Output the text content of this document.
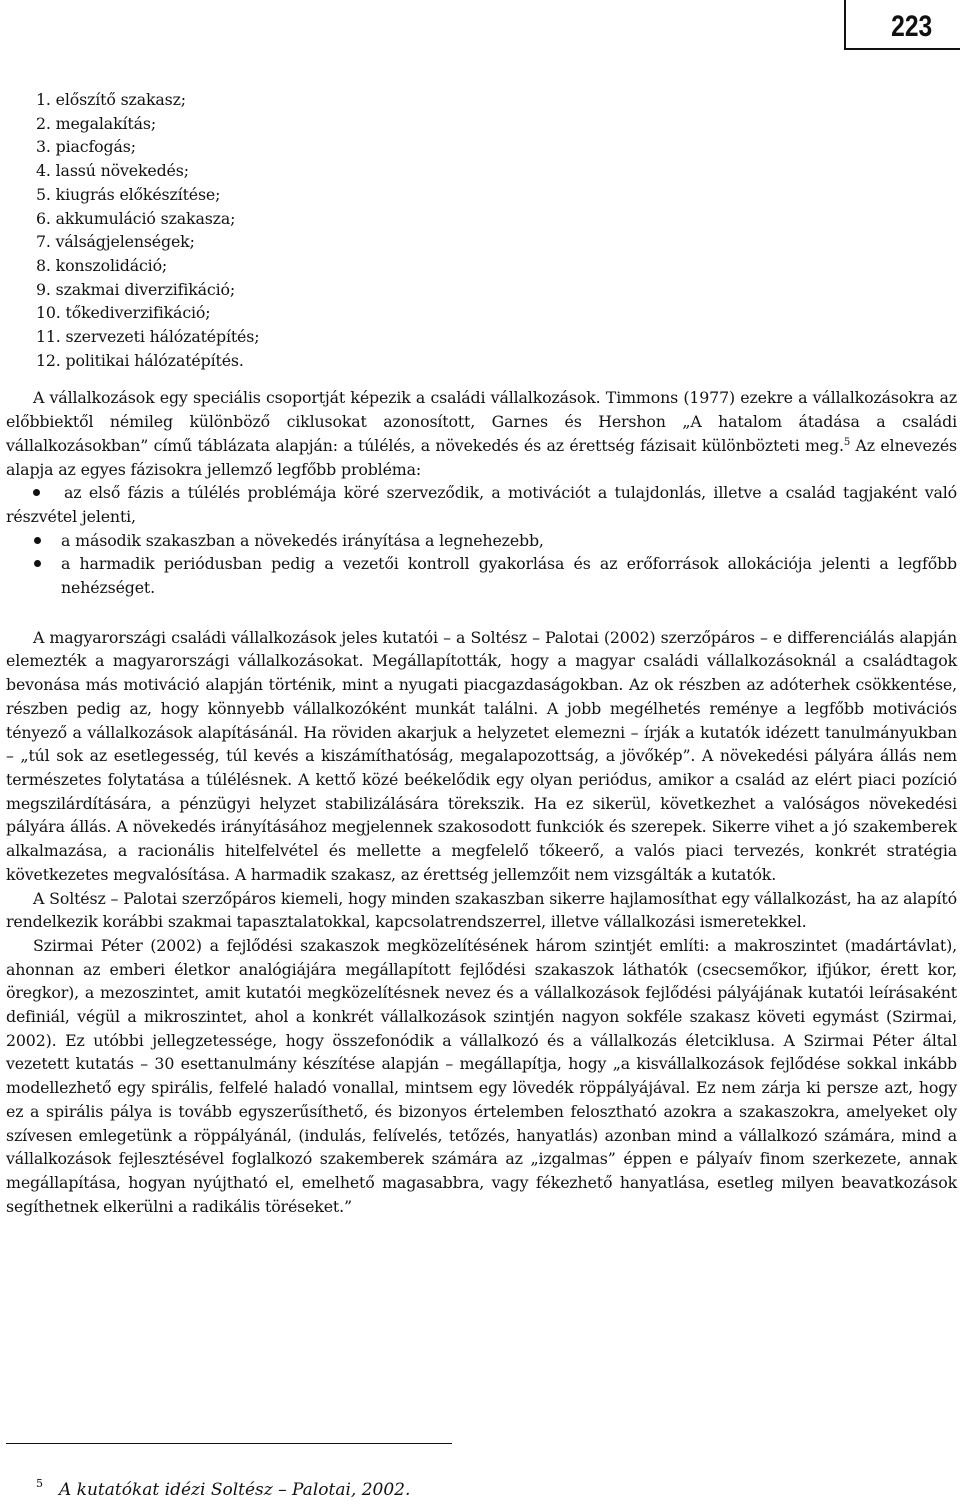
223
1. előszítő szakasz;
2. megalakítás;
3. piacfogás;
4. lassú növekedés;
5. kiugrás előkészítése;
6. akkumuláció szakasza;
7. válságjelenségek;
8. konszolidáció;
9. szakmai diverzifikáció;
10. tőkediverzifikáció;
11. szervezeti hálózatépítés;
12. politikai hálózatépítés.

A vállalkozások egy speciális csoportját képezik a családi vállalkozások. Timmons (1977) ezekre a vállalkozásokra az előbbiektől némileg különböző ciklusokat azonosított, Garnes és Hershon „A hatalom átadása a családi vállalkozásokban” című táblázata alapján: a túlélés, a növekedés és az érettség fázisait különbözteti meg.$^5$ Az elnevezés alapja az egyes fázisokra jellemző legfőbb probléma:

az első fázis a túlélés problémája köré szerveződik, a motivációt a tulajdonlás, illetve a család tagjaként való részvétel jelenti,
a második szakaszban a növekedés irányítása a legnehezebb,
a harmadik periódusban pedig a vezetői kontroll gyakorlása és az erőforrások allokációja jelenti a legfőbb nehézséget.

A magyarországi családi vállalkozások jeles kutatói – a Soltész – Palotai (2002) szerzőpáros – e differenciálás alapján elemezték a magyarországi vállalkozásokat. Megállapították, hogy a magyar családi vállalkozásoknál a családtagok bevonása más motiváció alapján történik, mint a nyugati piacgazdaságokban. Az ok részben az adóterhek csökkentése, részben pedig az, hogy könnyebb vállalkozóként munkát találni. A jobb megélhetés reménye a legfőbb motivációs tényező a vállalkozások alapításánál. Ha röviden akarjuk a helyzetet elemezni – írják a kutatók idézett tanulmányukban – „túl sok az esetlegesség, túl kevés a kiszámíthatóság, megalapozottság, a jövőkép”. A növekedési pályára állás nem természetes folytatása a túlélésnek. A kettő közé beékelődik egy olyan periódus, amikor a család az elért piaci pozíció megszilárdítására, a pénzügyi helyzet stabilizálására törekszik. Ha ez sikerül, következhet a valóságos növekedési pályára állás. A növekedés irányításához megjelennek szakosodott funkciók és szerepek. Sikerre vihet a jó szakemberek alkalmazása, a racionális hitelfelvétel és mellette a megfelelő tőkeerő, a valós piaci tervezés, konkrét stratégia következetes megvalósítása. A harmadik szakasz, az érettség jellemzőit nem vizsgálták a kutatók.

A Soltész – Palotai szerzőpáros kiemeli, hogy minden szakaszban sikerre hajlamosíthat egy vállalkozást, ha az alapító rendelkezik korábbi szakmai tapasztalatokkal, kapcsolatrendszerrel, illetve vállalkozási ismeretekkel.

Szirmai Péter (2002) a fejlődési szakaszok megközelítésének három szintjét említi: a makroszintet (madártávlat), ahonnan az emberi életkor analógiájára megállapított fejlődési szakaszok láthatók (csecsemőkor, ifjúkor, érett kor, öregkor), a mezoszintet, amit kutatói megközelítésnek nevez és a vállalkozások fejlődési pályájának kutatói leírásaként definiál, végül a mikroszintet, ahol a konkrét vállalkozások szintjén nagyon sokféle szakasz követi egymást (Szirmai, 2002). Ez utóbbi jellegzetessége, hogy összefonódik a vállalkozó és a vállalkozás életciklusa. A Szirmai Péter által vezetett kutatás – 30 esettanulmány készítése alapján – megállapítja, hogy „a kisvállalkozások fejlődése sokkal inkább modellezhető egy spirális, felfelé haladó vonallal, mintsem egy lövedék röppályájával. Ez nem zárja ki persze azt, hogy ez a spirális pálya is tovább egyszerűsíthető, és bizonyos értelemben felosztható azokra a szakaszokra, amelyeket oly szívesen emlegetünk a röppályánál, (indulás, felívelés, tetőzés, hanyatlás) azonban mind a vállalkozó számára, mind a vállalkozások fejlesztésével foglalkozó szakemberek számára az „izgalmas” éppen e pályaív finom szerkezete, annak megállapítása, hogyan nyújtható el, emelhető magasabbra, vagy fékezhető hanyatlása, esetleg milyen beavatkozások segíthetnek elkerülni a radikális töréseket.”

$^5$ A kutatókat idézi Soltész – Palotai, 2002.
